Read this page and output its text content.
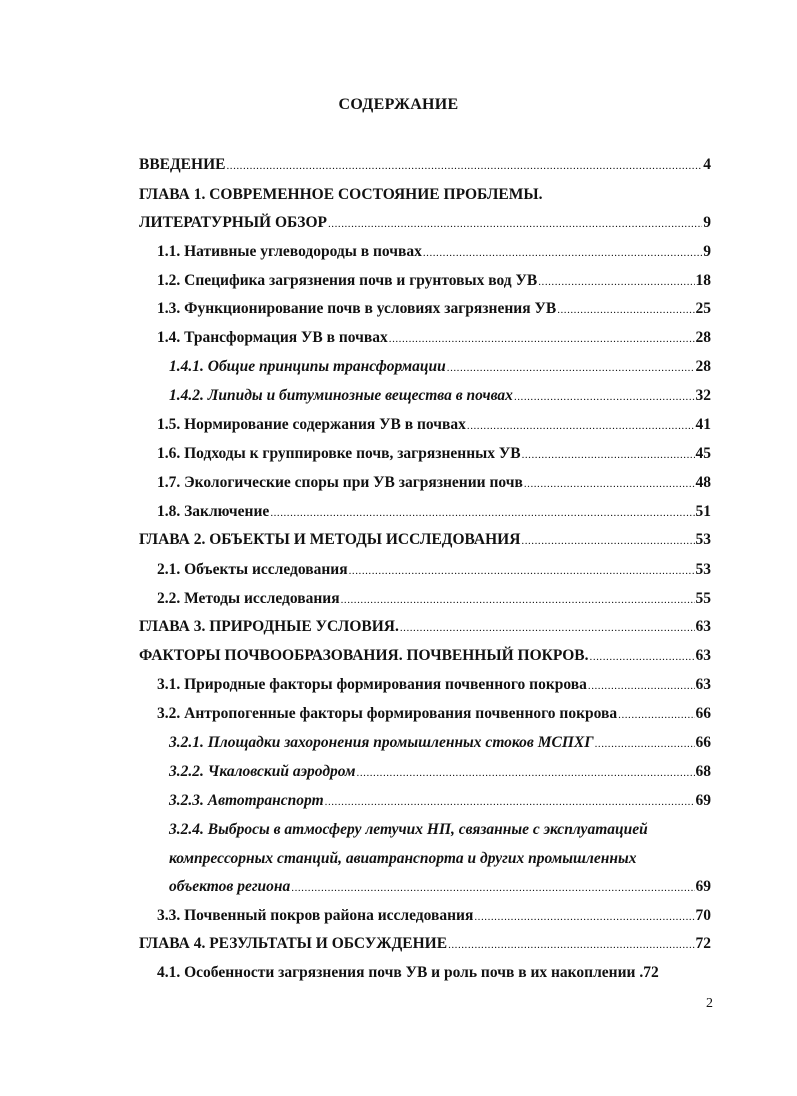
СОДЕРЖАНИЕ
ВВЕДЕНИЕ . . .	4
ГЛАВА 1. СОВРЕМЕННОЕ СОСТОЯНИЕ ПРОБЛЕМЫ.
ЛИТЕРАТУРНЫЙ ОБЗОР . . .	9
1.1. Нативные углеводороды в почвах . . .	9
1.2. Специфика загрязнения почв и грунтовых вод УВ . . .	18
1.3. Функционирование почв в условиях загрязнения УВ . . .	25
1.4. Трансформация УВ в почвах . . .	28
1.4.1. Общие принципы трансформации . . .	28
1.4.2. Липиды и битуминозные вещества в почвах . . .	32
1.5. Нормирование содержания УВ в почвах . . .	41
1.6. Подходы к группировке почв, загрязненных УВ . . .	45
1.7. Экологические споры при УВ загрязнении почв . . .	48
1.8. Заключение . . .	51
ГЛАВА 2. ОБЪЕКТЫ И МЕТОДЫ ИССЛЕДОВАНИЯ . . .	53
2.1. Объекты исследования . . .	53
2.2. Методы исследования . . .	55
ГЛАВА 3. ПРИРОДНЫЕ УСЛОВИЯ. . . .	63
ФАКТОРЫ ПОЧВООБРАЗОВАНИЯ. ПОЧВЕННЫЙ ПОКРОВ. . . .	63
3.1. Природные факторы формирования почвенного покрова . . .	63
3.2. Антропогенные факторы формирования почвенного покрова . . .	66
3.2.1. Площадки захоронения промышленных стоков МСПХГ . . .	66
3.2.2. Чкаловский аэродром . . .	68
3.2.3. Автотранспорт . . .	69
3.2.4. Выбросы в атмосферу летучих НП, связанные с эксплуатацией
компрессорных станций, авиатранспорта и других промышленных
объектов региона . . .	69
3.3. Почвенный покров района исследования . . .	70
ГЛАВА 4. РЕЗУЛЬТАТЫ И ОБСУЖДЕНИЕ . . .	72
4.1. Особенности загрязнения почв УВ и роль почв в их накоплении . 72
2
